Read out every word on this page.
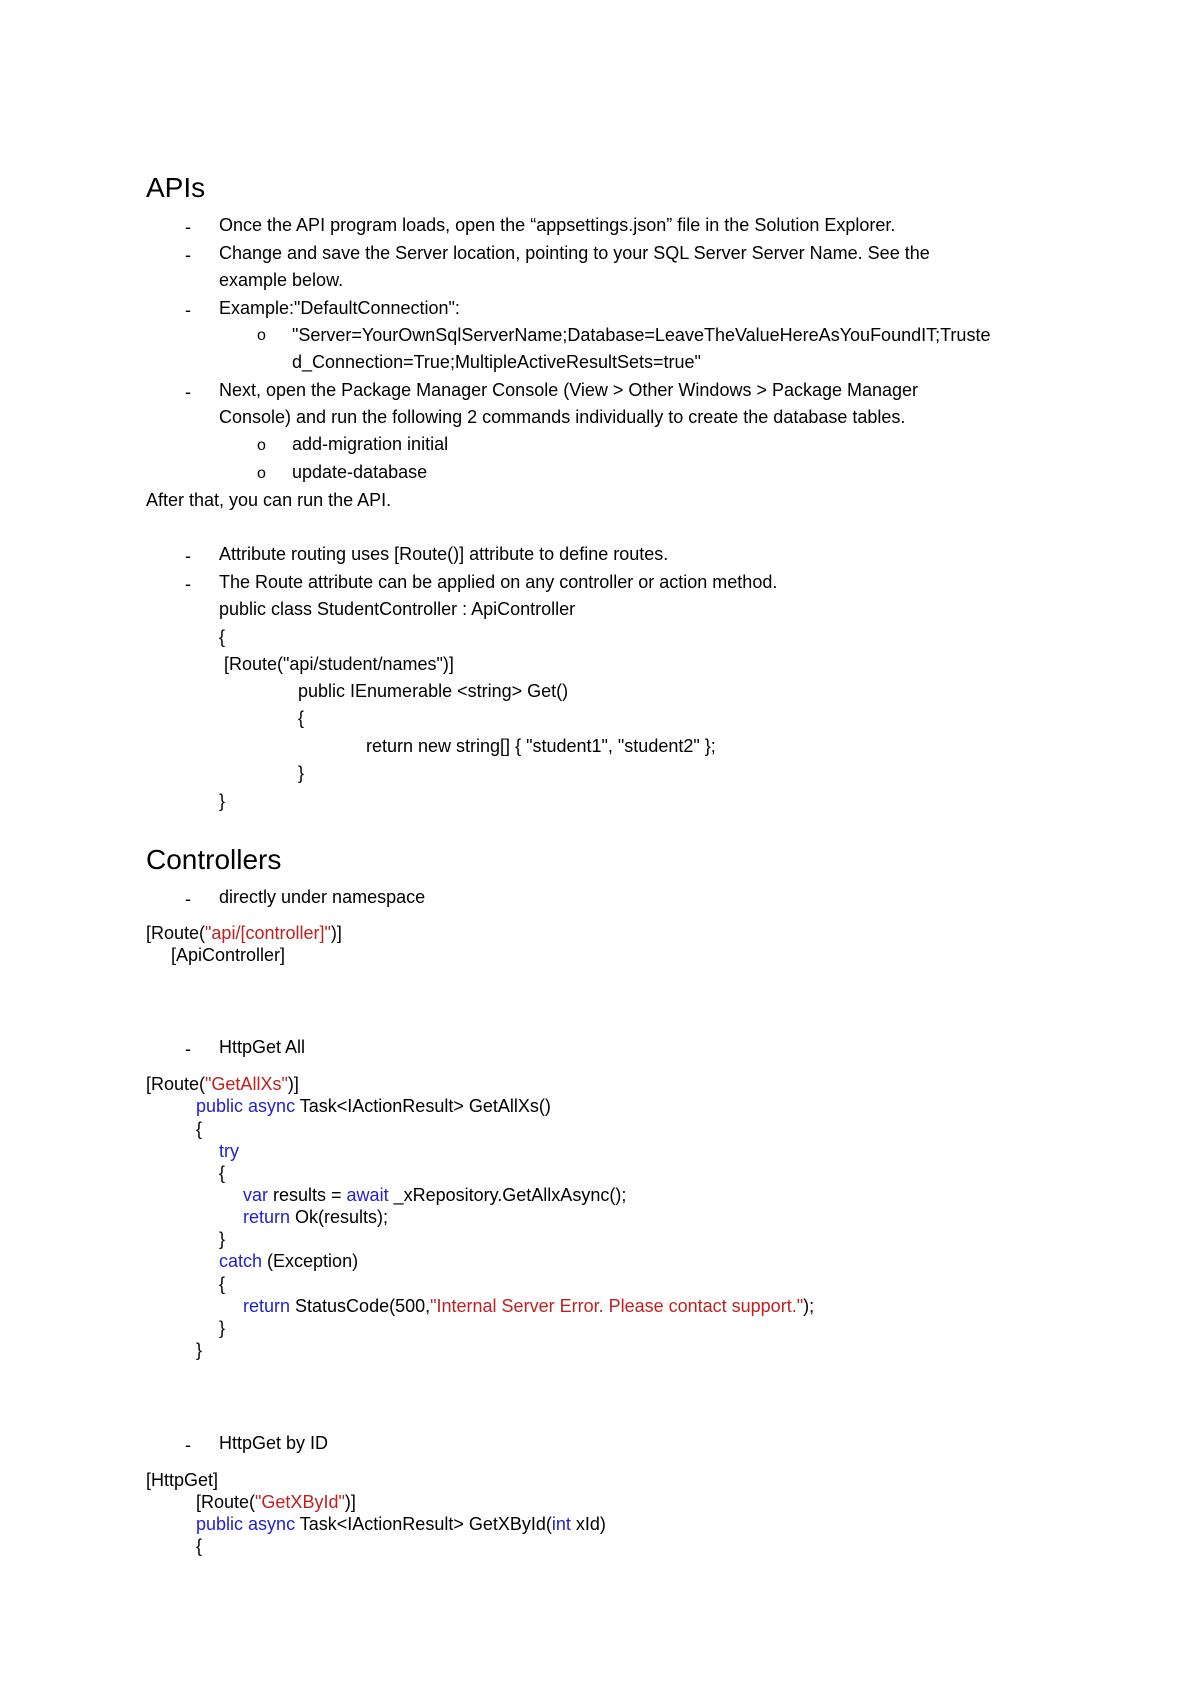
APIs
- Once the API program loads, open the “appsettings.json” file in the Solution Explorer.
- Change and save the Server location, pointing to your SQL Server Server Name. See the
example below.
- Example:"DefaultConnection":
o "Server=YourOwnSqlServerName;Database=LeaveTheValueHereAsYouFoundIT;Truste
d_Connection=True;MultipleActiveResultSets=true"
- Next, open the Package Manager Console (View > Other Windows > Package Manager
Console) and run the following 2 commands individually to create the database tables.
o add-migration initial
o update-database
After that, you can run the API.
- Attribute routing uses [Route()] attribute to define routes.
- The Route attribute can be applied on any controller or action method.
public class StudentController : ApiController
{
[Route("api/student/names")]
public IEnumerable <string> Get()
{
return new string[] { "student1", "student2" };
}
}
Controllers
- directly under namespace
[Route("api/[controller]")]
[ApiController]
- HttpGet All
[Route("GetAllXs")]
public async Task<IActionResult> GetAllXs()
{
try
{
var results = await _xRepository.GetAllxAsync();
return Ok(results);
}
catch (Exception)
{
return StatusCode(500,"Internal Server Error. Please contact support.");
}
}
- HttpGet by ID
[HttpGet]
[Route("GetXById")]
public async Task<IActionResult> GetXById(int xId)
{
